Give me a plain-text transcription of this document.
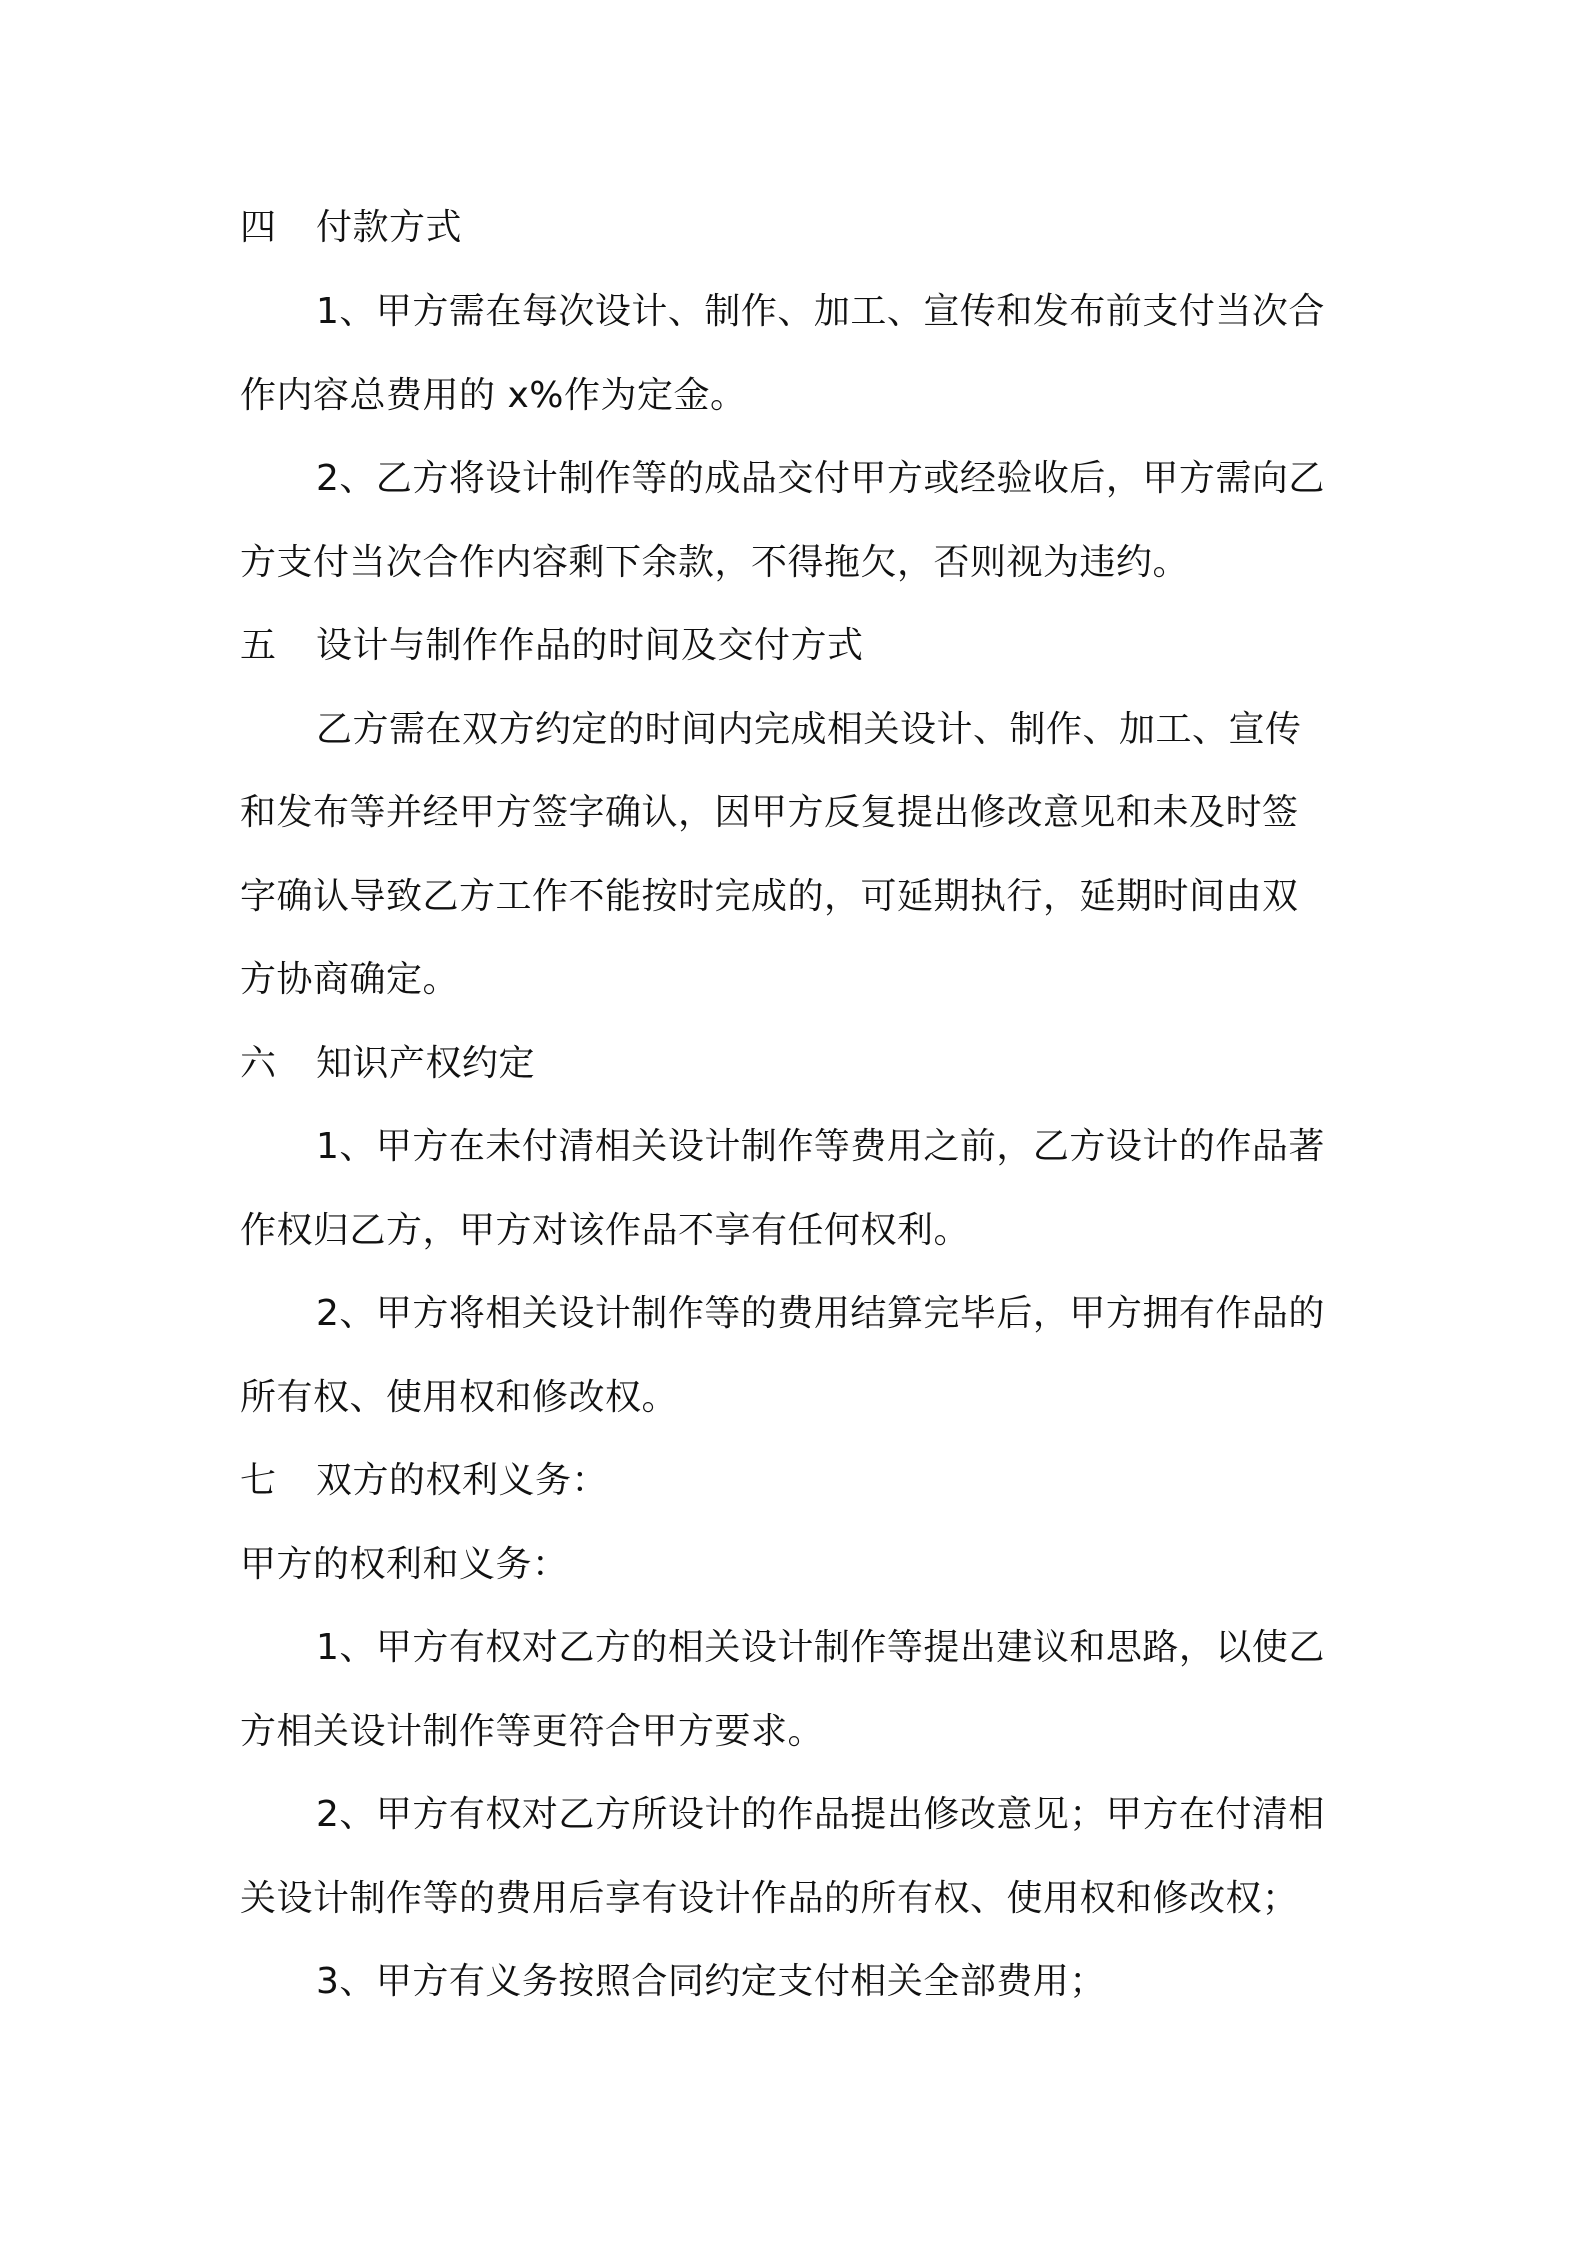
四 付款方式
1、甲方需在每次设计、制作、加工、宣传和发布前支付当次合
作内容总费用的 x%作为定金。
2、乙方将设计制作等的成品交付甲方或经验收后，甲方需向乙
方支付当次合作内容剩下余款，不得拖欠，否则视为违约。
五 设计与制作作品的时间及交付方式
乙方需在双方约定的时间内完成相关设计、制作、加工、宣传
和发布等并经甲方签字确认，因甲方反复提出修改意见和未及时签
字确认导致乙方工作不能按时完成的，可延期执行，延期时间由双
方协商确定。
六 知识产权约定
1、甲方在未付清相关设计制作等费用之前，乙方设计的作品著
作权归乙方，甲方对该作品不享有任何权利。
2、甲方将相关设计制作等的费用结算完毕后，甲方拥有作品的
所有权、使用权和修改权。
七 双方的权利义务：
甲方的权利和义务：
1、甲方有权对乙方的相关设计制作等提出建议和思路，以使乙
方相关设计制作等更符合甲方要求。
2、甲方有权对乙方所设计的作品提出修改意见；甲方在付清相
关设计制作等的费用后享有设计作品的所有权、使用权和修改权；
3、甲方有义务按照合同约定支付相关全部费用；
